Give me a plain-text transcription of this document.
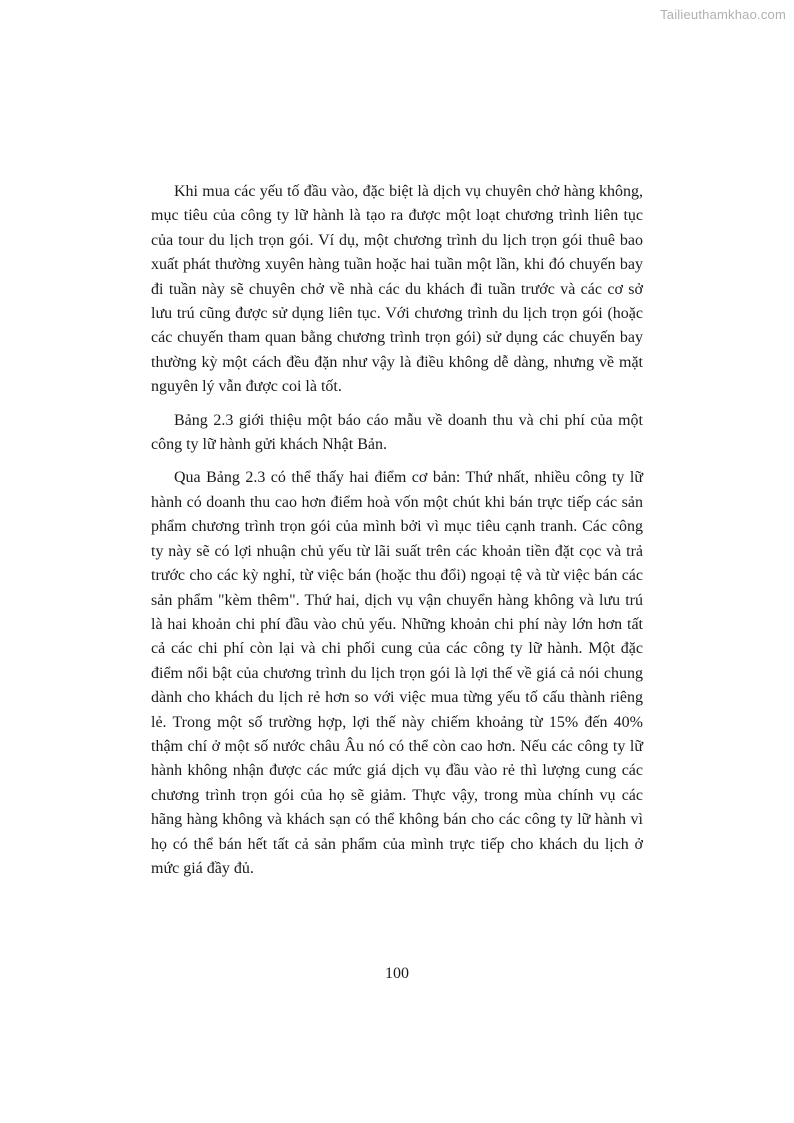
Tailieuthamkhao.com

Khi mua các yếu tố đầu vào, đặc biệt là dịch vụ chuyên chở hàng không, mục tiêu của công ty lữ hành là tạo ra được một loạt chương trình liên tục của tour du lịch trọn gói. Ví dụ, một chương trình du lịch trọn gói thuê bao xuất phát thường xuyên hàng tuần hoặc hai tuần một lần, khi đó chuyến bay đi tuần này sẽ chuyên chở về nhà các du khách đi tuần trước và các cơ sở lưu trú cũng được sử dụng liên tục. Với chương trình du lịch trọn gói (hoặc các chuyến tham quan bằng chương trình trọn gói) sử dụng các chuyến bay thường kỳ một cách đều đặn như vậy là điều không dễ dàng, nhưng về mặt nguyên lý vẫn được coi là tốt.

Bảng 2.3 giới thiệu một báo cáo mẫu về doanh thu và chi phí của một công ty lữ hành gửi khách Nhật Bản.

Qua Bảng 2.3 có thể thấy hai điểm cơ bản: Thứ nhất, nhiều công ty lữ hành có doanh thu cao hơn điểm hoà vốn một chút khi bán trực tiếp các sản phẩm chương trình trọn gói của mình bởi vì mục tiêu cạnh tranh. Các công ty này sẽ có lợi nhuận chủ yếu từ lãi suất trên các khoản tiền đặt cọc và trả trước cho các kỳ nghỉ, từ việc bán (hoặc thu đổi) ngoại tệ và từ việc bán các sản phẩm "kèm thêm". Thứ hai, dịch vụ vận chuyển hàng không và lưu trú là hai khoản chi phí đầu vào chủ yếu. Những khoản chi phí này lớn hơn tất cả các chi phí còn lại và chi phối cung của các công ty lữ hành. Một đặc điểm nổi bật của chương trình du lịch trọn gói là lợi thế về giá cả nói chung dành cho khách du lịch rẻ hơn so với việc mua từng yếu tố cấu thành riêng lẻ. Trong một số trường hợp, lợi thế này chiếm khoảng từ 15% đến 40% thậm chí ở một số nước châu Âu nó có thể còn cao hơn. Nếu các công ty lữ hành không nhận được các mức giá dịch vụ đầu vào rẻ thì lượng cung các chương trình trọn gói của họ sẽ giảm. Thực vậy, trong mùa chính vụ các hãng hàng không và khách sạn có thể không bán cho các công ty lữ hành vì họ có thể bán hết tất cả sản phẩm của mình trực tiếp cho khách du lịch ở mức giá đầy đủ.

100
